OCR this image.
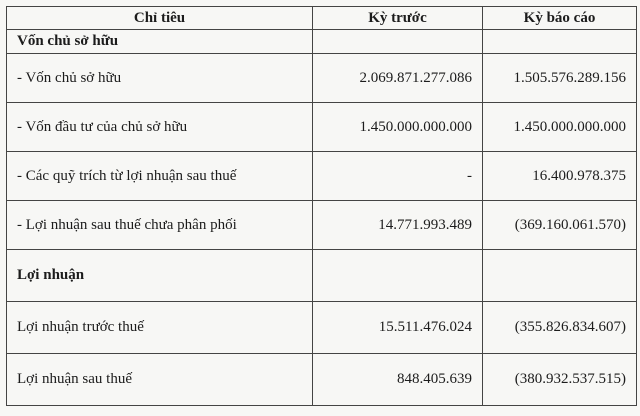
Chỉ tiêu	Kỳ trước	Kỳ báo cáo
Vốn chủ sở hữu		
- Vốn chủ sở hữu	2.069.871.277.086	1.505.576.289.156
- Vốn đầu tư của chủ sở hữu	1.450.000.000.000	1.450.000.000.000
- Các quỹ trích từ lợi nhuận sau thuế	-	16.400.978.375
- Lợi nhuận sau thuế chưa phân phối	14.771.993.489	(369.160.061.570)
Lợi nhuận		
Lợi nhuận trước thuế	15.511.476.024	(355.826.834.607)
Lợi nhuận sau thuế	848.405.639	(380.932.537.515)
